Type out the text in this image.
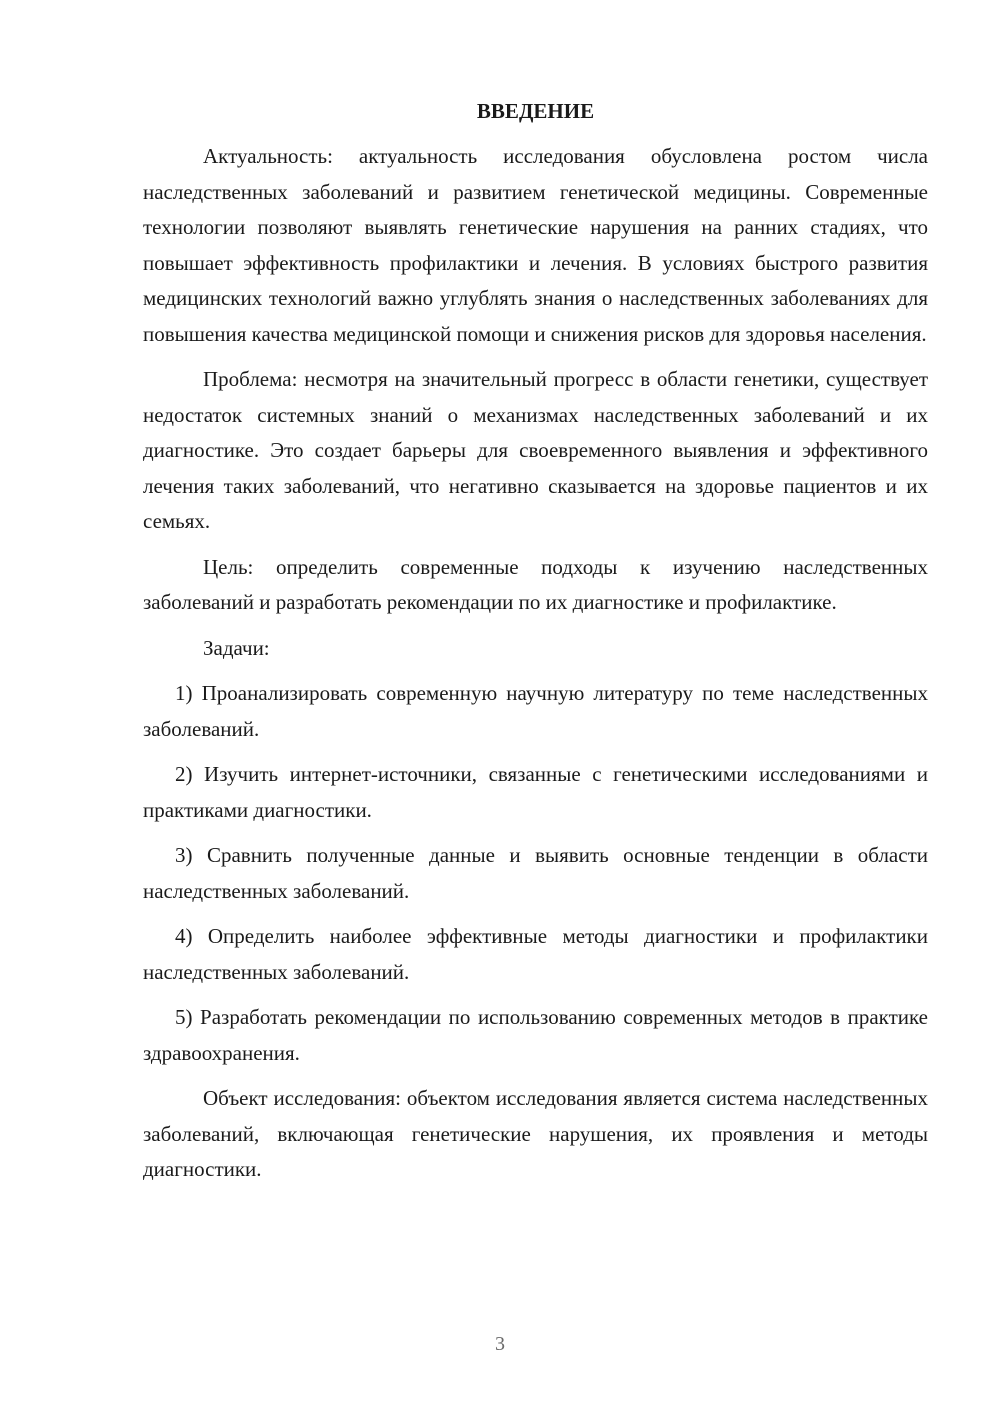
ВВЕДЕНИЕ

Актуальность: актуальность исследования обусловлена ростом числа наследственных заболеваний и развитием генетической медицины. Современные технологии позволяют выявлять генетические нарушения на ранних стадиях, что повышает эффективность профилактики и лечения. В условиях быстрого развития медицинских технологий важно углублять знания о наследственных заболеваниях для повышения качества медицинской помощи и снижения рисков для здоровья населения.

Проблема: несмотря на значительный прогресс в области генетики, существует недостаток системных знаний о механизмах наследственных заболеваний и их диагностике. Это создает барьеры для своевременного выявления и эффективного лечения таких заболеваний, что негативно сказывается на здоровье пациентов и их семьях.

Цель: определить современные подходы к изучению наследственных заболеваний и разработать рекомендации по их диагностике и профилактике.

Задачи:

1) Проанализировать современную научную литературу по теме наследственных заболеваний.

2) Изучить интернет-источники, связанные с генетическими исследованиями и практиками диагностики.

3) Сравнить полученные данные и выявить основные тенденции в области наследственных заболеваний.

4) Определить наиболее эффективные методы диагностики и профилактики наследственных заболеваний.

5) Разработать рекомендации по использованию современных методов в практике здравоохранения.

Объект исследования: объектом исследования является система наследственных заболеваний, включающая генетические нарушения, их проявления и методы диагностики.

3
